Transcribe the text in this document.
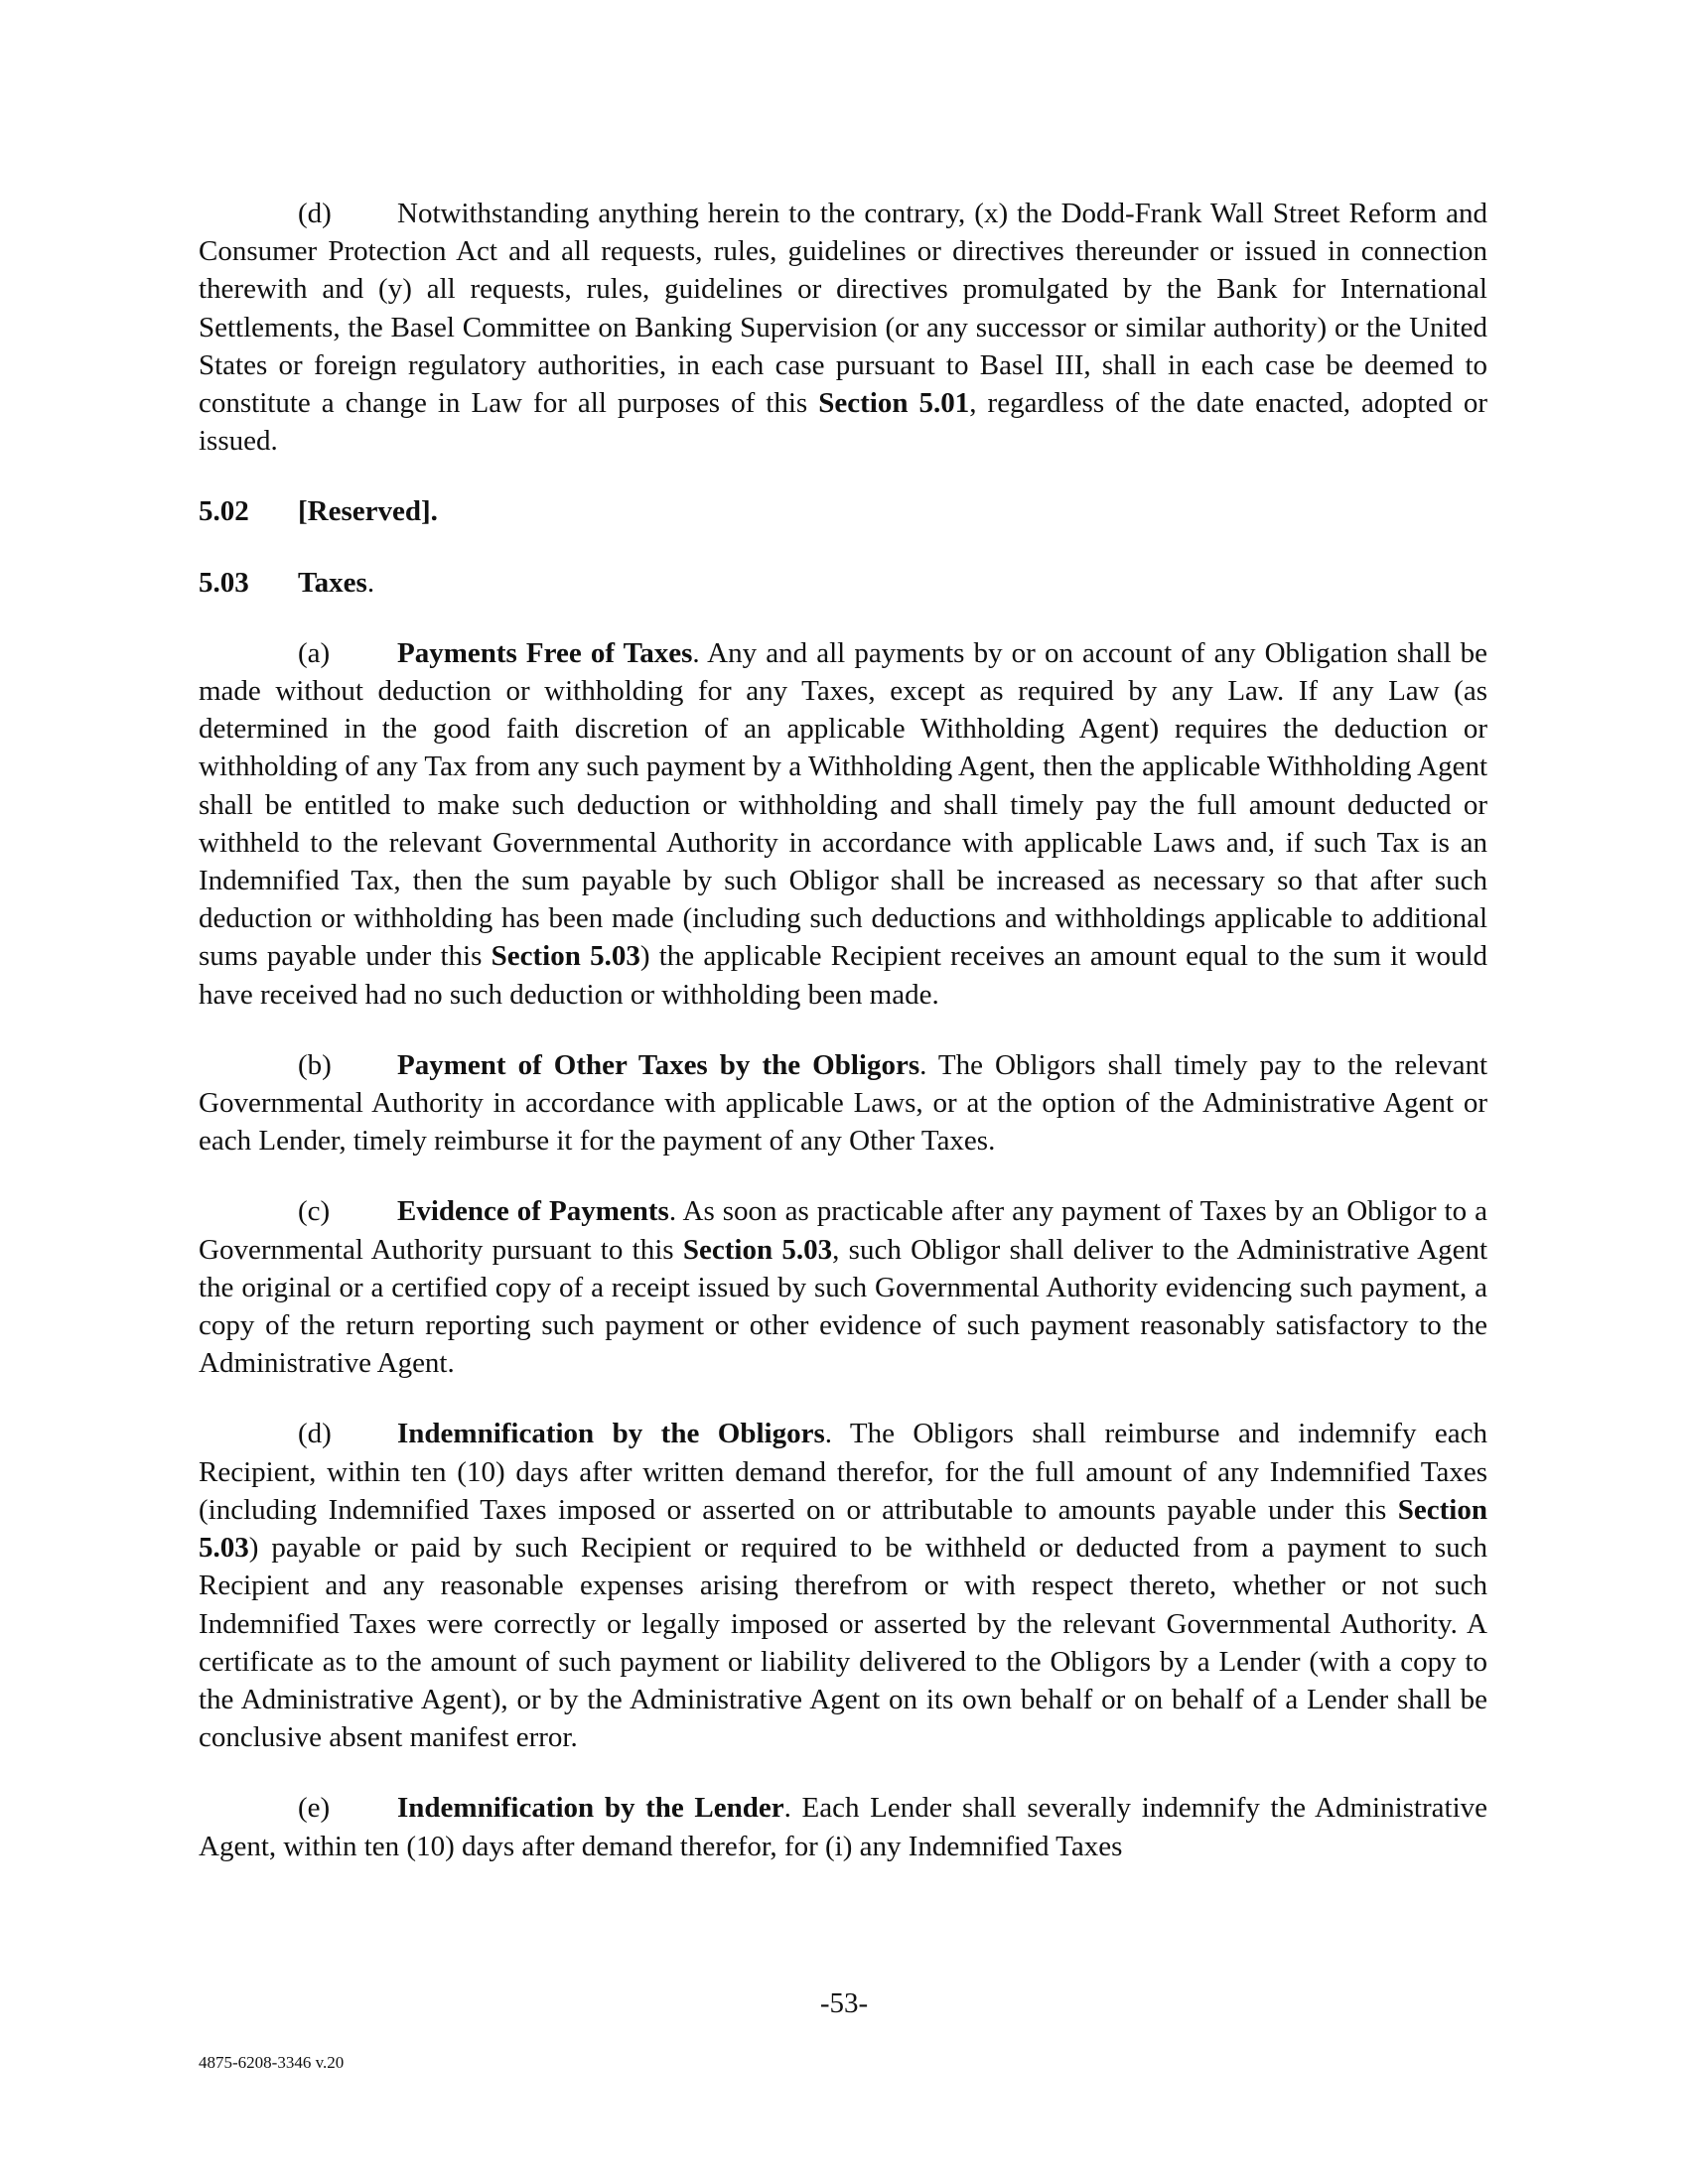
(d) Notwithstanding anything herein to the contrary, (x) the Dodd-Frank Wall Street Reform and Consumer Protection Act and all requests, rules, guidelines or directives thereunder or issued in connection therewith and (y) all requests, rules, guidelines or directives promulgated by the Bank for International Settlements, the Basel Committee on Banking Supervision (or any successor or similar authority) or the United States or foreign regulatory authorities, in each case pursuant to Basel III, shall in each case be deemed to constitute a change in Law for all purposes of this Section 5.01, regardless of the date enacted, adopted or issued.

5.02 [Reserved].

5.03 Taxes.

(a) Payments Free of Taxes. Any and all payments by or on account of any Obligation shall be made without deduction or withholding for any Taxes, except as required by any Law. If any Law (as determined in the good faith discretion of an applicable Withholding Agent) requires the deduction or withholding of any Tax from any such payment by a Withholding Agent, then the applicable Withholding Agent shall be entitled to make such deduction or withholding and shall timely pay the full amount deducted or withheld to the relevant Governmental Authority in accordance with applicable Laws and, if such Tax is an Indemnified Tax, then the sum payable by such Obligor shall be increased as necessary so that after such deduction or withholding has been made (including such deductions and withholdings applicable to additional sums payable under this Section 5.03) the applicable Recipient receives an amount equal to the sum it would have received had no such deduction or withholding been made.

(b) Payment of Other Taxes by the Obligors. The Obligors shall timely pay to the relevant Governmental Authority in accordance with applicable Laws, or at the option of the Administrative Agent or each Lender, timely reimburse it for the payment of any Other Taxes.

(c) Evidence of Payments. As soon as practicable after any payment of Taxes by an Obligor to a Governmental Authority pursuant to this Section 5.03, such Obligor shall deliver to the Administrative Agent the original or a certified copy of a receipt issued by such Governmental Authority evidencing such payment, a copy of the return reporting such payment or other evidence of such payment reasonably satisfactory to the Administrative Agent.

(d) Indemnification by the Obligors. The Obligors shall reimburse and indemnify each Recipient, within ten (10) days after written demand therefor, for the full amount of any Indemnified Taxes (including Indemnified Taxes imposed or asserted on or attributable to amounts payable under this Section 5.03) payable or paid by such Recipient or required to be withheld or deducted from a payment to such Recipient and any reasonable expenses arising therefrom or with respect thereto, whether or not such Indemnified Taxes were correctly or legally imposed or asserted by the relevant Governmental Authority. A certificate as to the amount of such payment or liability delivered to the Obligors by a Lender (with a copy to the Administrative Agent), or by the Administrative Agent on its own behalf or on behalf of a Lender shall be conclusive absent manifest error.

(e) Indemnification by the Lender. Each Lender shall severally indemnify the Administrative Agent, within ten (10) days after demand therefor, for (i) any Indemnified Taxes

-53-
4875-6208-3346 v.20
